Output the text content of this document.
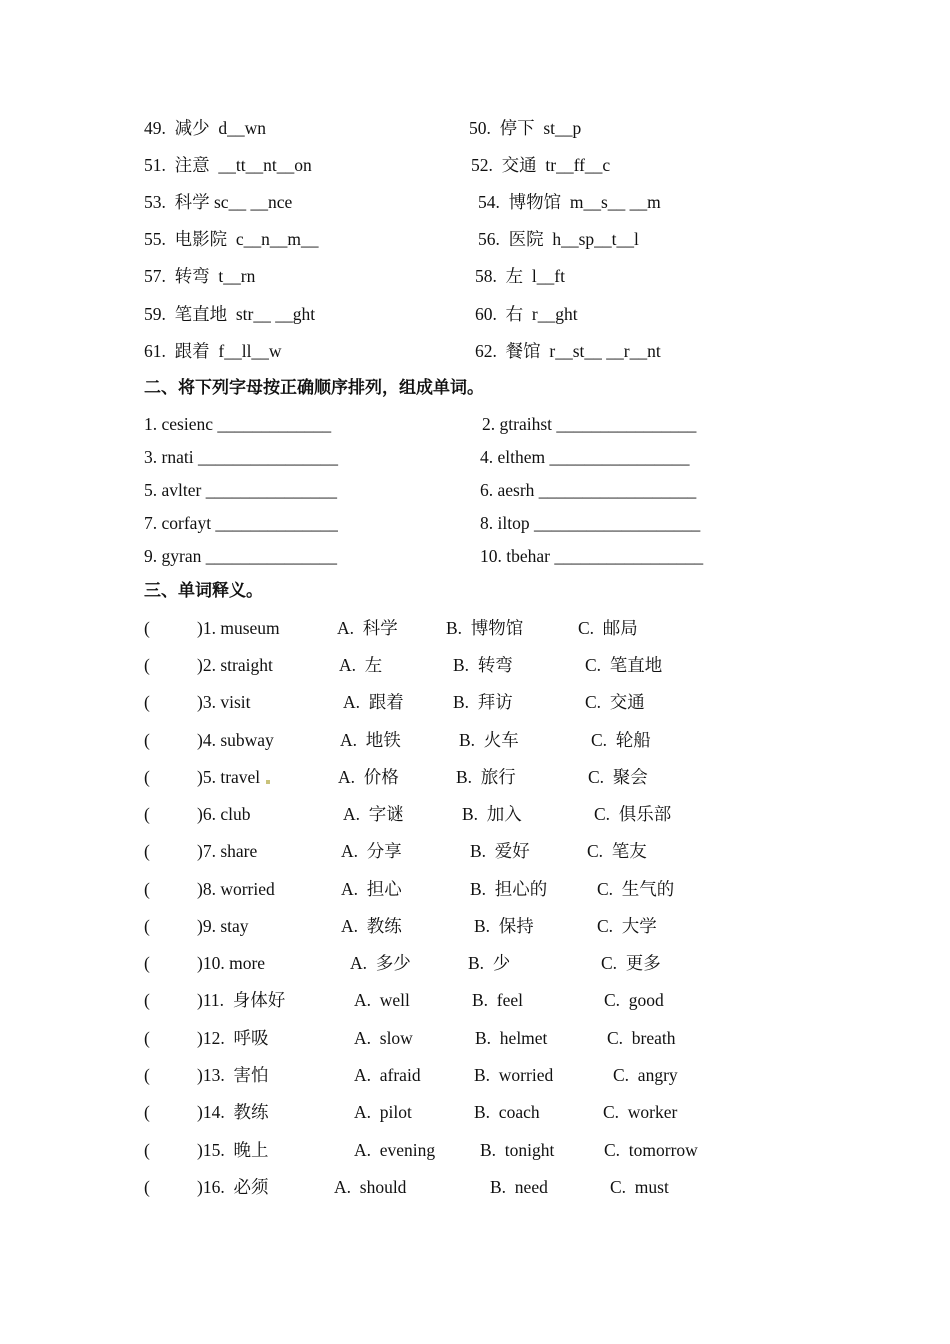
49.  减少  d__wn	50.  停下  st__p
51.  注意  __tt__nt__on	52.  交通  tr__ff__c
53.  科学 sc__ __nce	54.  博物馆  m__s__ __m
55.  电影院  c__n__m__	56.  医院  h__sp__t__l
57.  转弯  t__rn	58.  左  l__ft
59.  笔直地  str__ __ght	60.  右  r__ght
61.  跟着  f__ll__w	62.  餐馆  r__st__ __r__nt
二、将下列字母按正确顺序排列，组成单词。
1. cesienc _____________	2. gtraihst ________________
3. rnati ________________	4. elthem ________________
5. avlter _______________	6. aesrh __________________
7. corfayt ______________	8. iltop ___________________
9. gyran _______________	10. tbehar _________________
三、单词释义。
(	)1. museum	A.  科学	B.  博物馆	C.  邮局
(	)2. straight	A.  左	B.  转弯	C.  笔直地
(	)3. visit	A.  跟着	B.  拜访	C.  交通
(	)4. subway	A.  地铁	B.  火车	C.  轮船
(	)5. travel	A.  价格	B.  旅行	C.  聚会
(	)6. club	A.  字谜	B.  加入	C.  俱乐部
(	)7. share	A.  分享	B.  爱好	C.  笔友
(	)8. worried	A.  担心	B.  担心的	C.  生气的
(	)9. stay	A.  教练	B.  保持	C.  大学
(	)10. more	A.  多少	B.  少	C.  更多
(	)11.  身体好	A.  well	B.  feel	C.  good
(	)12.  呼吸	A.  slow	B.  helmet	C.  breath
(	)13.  害怕	A.  afraid	B.  worried	C.  angry
(	)14.  教练	A.  pilot	B.  coach	C.  worker
(	)15.  晚上	A.  evening	B.  tonight	C.  tomorrow
(	)16.  必须	A.  should	B.  need	C.  must
